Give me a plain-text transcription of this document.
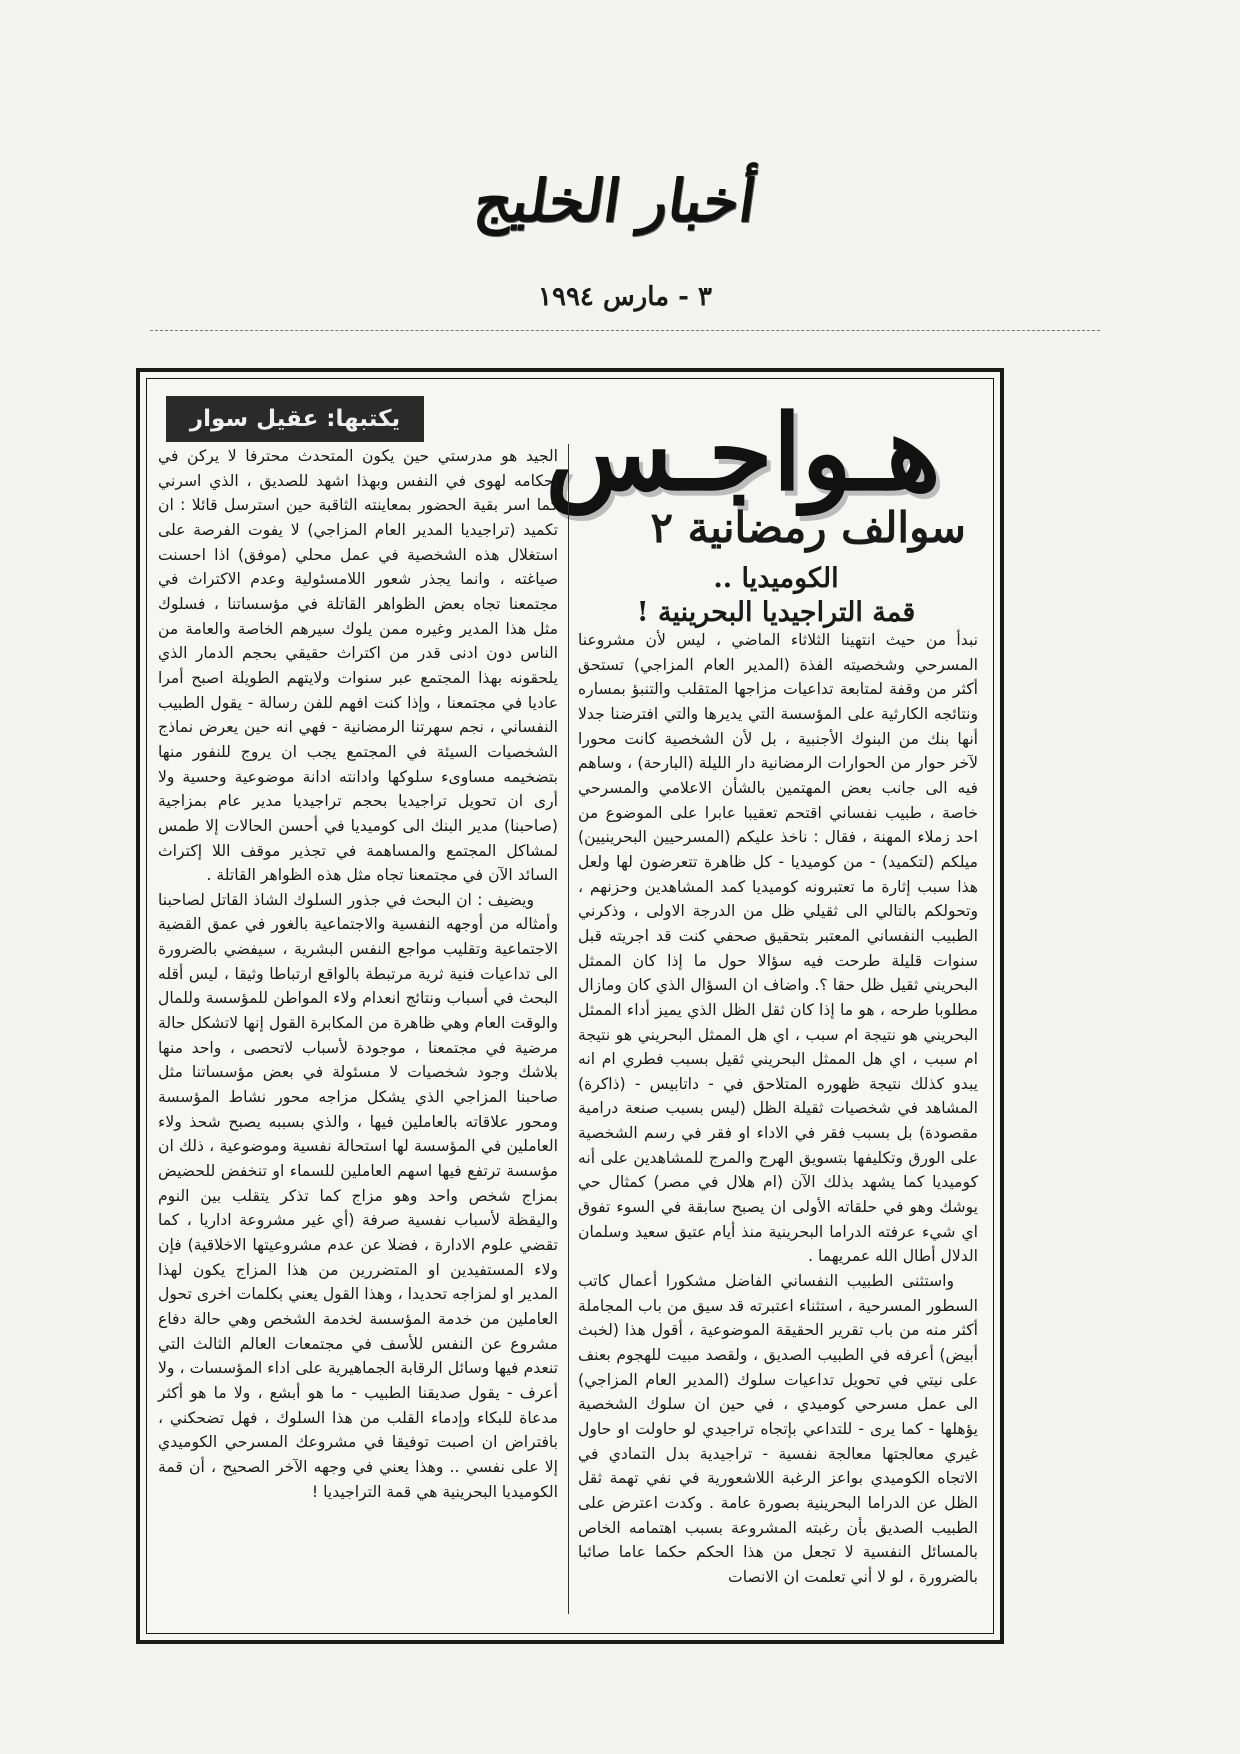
أخبار الخليج
٣ - مارس ١٩٩٤
هـواجـس
يكتبها: عقيل سوار
سوالف رمضانية ٢
الكوميديا ..
قمة التراجيديا البحرينية !

نبدأ من حيث انتهينا الثلاثاء الماضي ، ليس لأن مشروعنا المسرحي وشخصيته الفذة (المدير العام المزاجي) تستحق أكثر من وقفة لمتابعة تداعيات مزاجها المتقلب والتنبؤ بمساره ونتائجه الكارثية على المؤسسة التي يديرها والتي افترضنا جدلا أنها بنك من البنوك الأجنبية ، بل لأن الشخصية كانت محورا لآخر حوار من الحوارات الرمضانية دار الليلة (البارحة) ، وساهم فيه الى جانب بعض المهتمين بالشأن الاعلامي والمسرحي خاصة ، طبيب نفساني اقتحم تعقيبا عابرا على الموضوع من احد زملاء المهنة ، فقال : ناخذ عليكم (المسرحيين البحرينيين) ميلكم (لتكميد) - من كوميديا - كل ظاهرة تتعرضون لها ولعل هذا سبب إثارة ما تعتبرونه كوميديا كمد المشاهدين وحزنهم ، وتحولكم بالتالي الى ثقيلي ظل من الدرجة الاولى ، وذكرني الطبيب النفساني المعتبر بتحقيق صحفي كنت قد اجريته قبل سنوات قليلة طرحت فيه سؤالا حول ما إذا كان الممثل البحريني ثقيل ظل حقا ؟. واضاف ان السؤال الذي كان ومازال مطلوبا طرحه ، هو ما إذا كان ثقل الظل الذي يميز أداء الممثل البحريني هو نتيجة ام سبب ، اي هل الممثل البحريني هو نتيجة ام سبب ، اي هل الممثل البحريني ثقيل بسبب فطري ام انه يبدو كذلك نتيجة ظهوره المتلاحق في - داتابيس - (ذاكرة) المشاهد في شخصيات ثقيلة الظل (ليس بسبب صنعة درامية مقصودة) بل بسبب فقر في الاداء او فقر في رسم الشخصية على الورق وتكليفها بتسويق الهرج والمرج للمشاهدين على أنه كوميديا كما يشهد بذلك الآن (ام هلال في مصر) كمثال حي يوشك وهو في حلقاته الأولى ان يصبح سابقة في السوء تفوق اي شيء عرفته الدراما البحرينية منذ أيام عتيق سعيد وسلمان الدلال أطال الله عمريهما .

واستثنى الطبيب النفساني الفاضل مشكورا أعمال كاتب السطور المسرحية ، استثناء اعتبرته قد سيق من باب المجاملة أكثر منه من باب تقرير الحقيقة الموضوعية ، أقول هذا (لخبث أبيض) أعرفه في الطبيب الصديق ، ولقصد مبيت للهجوم بعنف على نيتي في تحويل تداعيات سلوك (المدير العام المزاجي) الى عمل مسرحي كوميدي ، في حين ان سلوك الشخصية يؤهلها - كما يرى - للتداعي بإتجاه تراجيدي لو حاولت او حاول غيري معالجتها معالجة نفسية - تراجيدية بدل التمادي في الاتجاه الكوميدي بواعز الرغبة اللاشعورية في نفي تهمة ثقل الظل عن الدراما البحرينية بصورة عامة . وكدت اعترض على الطبيب الصديق بأن رغبته المشروعة بسبب اهتمامه الخاص بالمسائل النفسية لا تجعل من هذا الحكم حكما عاما صائبا بالضرورة ، لو لا أني تعلمت ان الانصات

الجيد هو مدرستي حين يكون المتحدث محترفا لا يركن في احكامه لهوى في النفس وبهذا اشهد للصديق ، الذي اسرني كما اسر بقية الحضور بمعاينته الثاقبة حين استرسل قائلا : ان تكميد (تراجيديا المدير العام المزاجي) لا يفوت الفرصة على استغلال هذه الشخصية في عمل محلي (موفق) اذا احسنت صياغته ، وانما يجذر شعور اللامسئولية وعدم الاكتراث في مجتمعنا تجاه بعض الظواهر القاتلة في مؤسساتنا ، فسلوك مثل هذا المدير وغيره ممن يلوك سيرهم الخاصة والعامة من الناس دون ادنى قدر من اكتراث حقيقي بحجم الدمار الذي يلحقونه بهذا المجتمع عبر سنوات ولايتهم الطويلة اصبح أمرا عاديا في مجتمعنا ، وإذا كنت افهم للفن رسالة - يقول الطبيب النفساني ، نجم سهرتنا الرمضانية - فهي انه حين يعرض نماذج الشخصيات السيئة في المجتمع يجب ان يروج للنفور منها بتضخيمه مساوىء سلوكها وادانته ادانة موضوعية وحسية ولا أرى ان تحويل تراجيديا بحجم تراجيديا مدير عام بمزاجية (صاحبنا) مدير البنك الى كوميديا في أحسن الحالات إلا طمس لمشاكل المجتمع والمساهمة في تجذير موقف اللا إكتراث السائد الآن في مجتمعنا تجاه مثل هذه الظواهر القاتلة .

ويضيف : ان البحث في جذور السلوك الشاذ القاتل لصاحبنا وأمثاله من أوجهه النفسية والاجتماعية بالغور في عمق القضية الاجتماعية وتقليب مواجع النفس البشرية ، سيفضي بالضرورة الى تداعيات فنية ثرية مرتبطة بالواقع ارتباطا وثيقا ، ليس أقله البحث في أسباب ونتائج انعدام ولاء المواطن للمؤسسة وللمال والوقت العام وهي ظاهرة من المكابرة القول إنها لاتشكل حالة مرضية في مجتمعنا ، موجودة لأسباب لاتحصى ، واحد منها بلاشك وجود شخصيات لا مسئولة في بعض مؤسساتنا مثل صاحبنا المزاجي الذي يشكل مزاجه محور نشاط المؤسسة ومحور علاقاته بالعاملين فيها ، والذي بسببه يصبح شحذ ولاء العاملين في المؤسسة لها استحالة نفسية وموضوعية ، ذلك ان مؤسسة ترتفع فيها اسهم العاملين للسماء او تنخفض للحضيض بمزاج شخص واحد وهو مزاج كما تذكر يتقلب بين النوم واليقظة لأسباب نفسية صرفة (أي غير مشروعة اداريا ، كما تقضي علوم الادارة ، فضلا عن عدم مشروعيتها الاخلاقية) فإن ولاء المستفيدين او المتضررين من هذا المزاج يكون لهذا المدير او لمزاجه تحديدا ، وهذا القول يعني بكلمات اخرى تحول العاملين من خدمة المؤسسة لخدمة الشخص وهي حالة دفاع مشروع عن النفس للأسف في مجتمعات العالم الثالث التي تنعدم فيها وسائل الرقابة الجماهيرية على اداء المؤسسات ، ولا أعرف - يقول صديقنا الطبيب - ما هو أبشع ، ولا ما هو أكثر مدعاة للبكاء وإدماء القلب من هذا السلوك ، فهل تضحكني ، بافتراض ان اصبت توفيقا في مشروعك المسرحي الكوميدي إلا على نفسي .. وهذا يعني في وجهه الآخر الصحيح ، أن قمة الكوميديا البحرينية هي قمة التراجيديا !
